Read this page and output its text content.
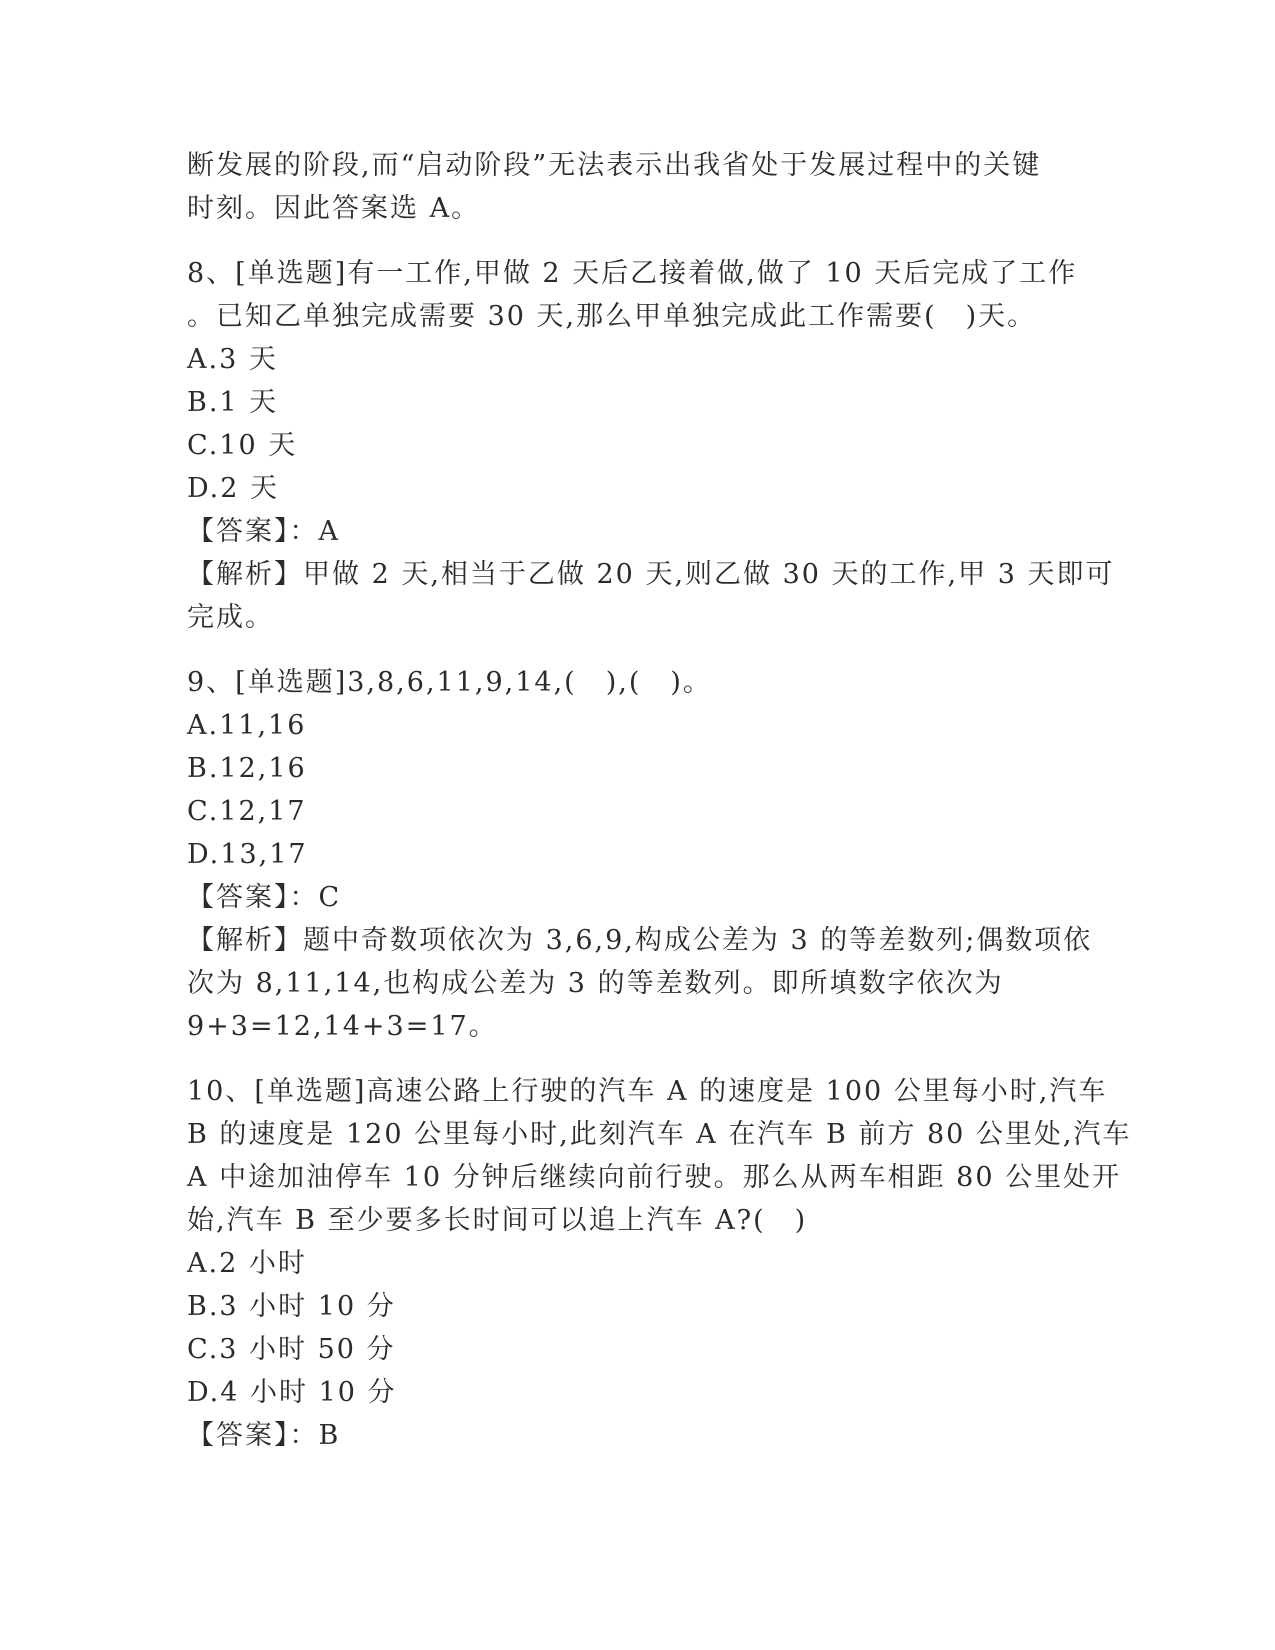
断发展的阶段,而“启动阶段”无法表示出我省处于发展过程中的关键
时刻。因此答案选 A。
8、[单选题]有一工作,甲做 2 天后乙接着做,做了 10 天后完成了工作
。已知乙单独完成需要 30 天,那么甲单独完成此工作需要(　)天。
A.3 天
B.1 天
C.10 天
D.2 天
【答案】：A
【解析】甲做 2 天,相当于乙做 20 天,则乙做 30 天的工作,甲 3 天即可
完成。
9、[单选题]3,8,6,11,9,14,(　),(　)。
A.11,16
B.12,16
C.12,17
D.13,17
【答案】：C
【解析】题中奇数项依次为 3,6,9,构成公差为 3 的等差数列;偶数项依
次为 8,11,14,也构成公差为 3 的等差数列。即所填数字依次为
9+3=12,14+3=17。
10、[单选题]高速公路上行驶的汽车 A 的速度是 100 公里每小时,汽车
B 的速度是 120 公里每小时,此刻汽车 A 在汽车 B 前方 80 公里处,汽车
A 中途加油停车 10 分钟后继续向前行驶。那么从两车相距 80 公里处开
始,汽车 B 至少要多长时间可以追上汽车 A?(　)
A.2 小时
B.3 小时 10 分
C.3 小时 50 分
D.4 小时 10 分
【答案】：B
